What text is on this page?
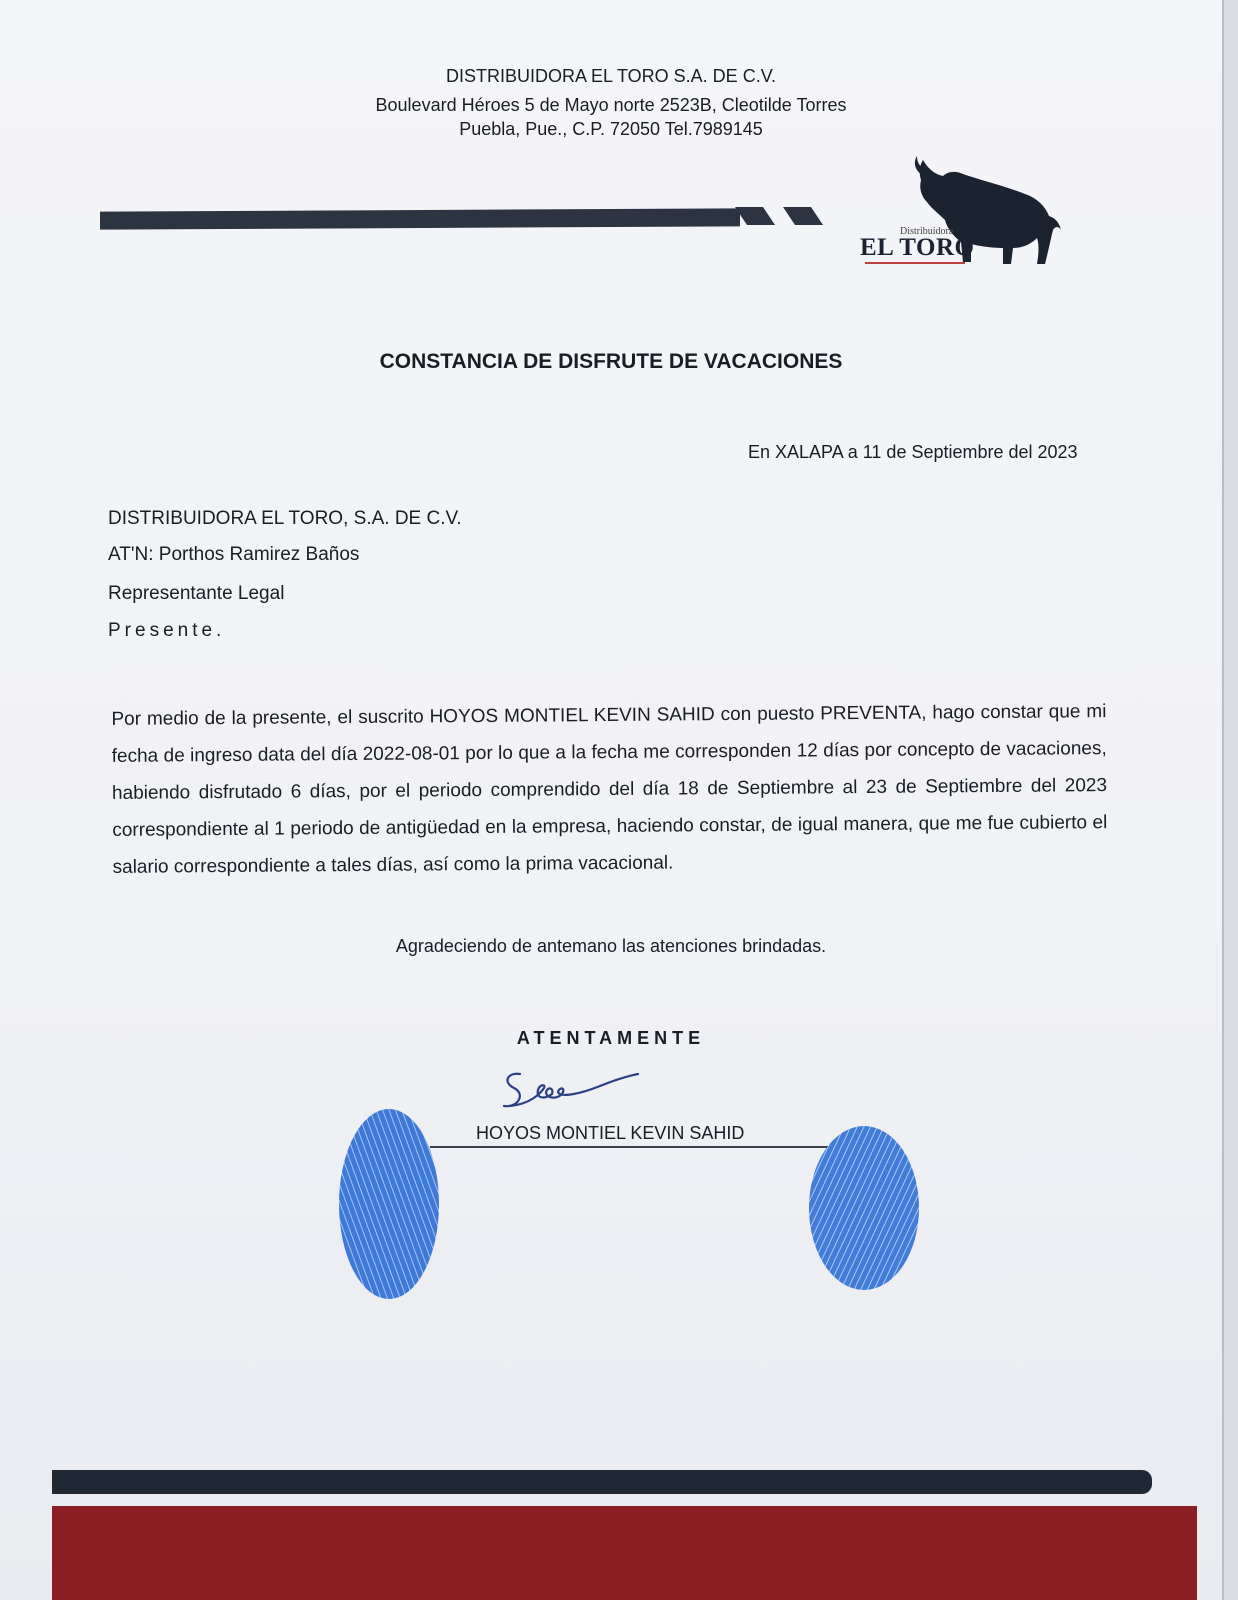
DISTRIBUIDORA EL TORO S.A. DE C.V.
Boulevard Héroes 5 de Mayo norte 2523B, Cleotilde Torres
Puebla, Pue., C.P. 72050 Tel.7989145
Distribuidora
EL TORO
CONSTANCIA DE DISFRUTE DE VACACIONES
En XALAPA a 11 de Septiembre del 2023
DISTRIBUIDORA EL TORO, S.A. DE C.V.
AT'N: Porthos Ramirez Baños
Representante Legal
Presente.
Por medio de la presente, el suscrito HOYOS MONTIEL KEVIN SAHID con puesto PREVENTA, hago constar que mi fecha de ingreso data del día 2022-08-01 por lo que a la fecha me corresponden 12 días por concepto de vacaciones, habiendo disfrutado 6 días, por el periodo comprendido del día 18 de Septiembre al 23 de Septiembre del 2023 correspondiente al 1 periodo de antigüedad en la empresa, haciendo constar, de igual manera, que me fue cubierto el salario correspondiente a tales días, así como la prima vacacional.
Agradeciendo de antemano las atenciones brindadas.
ATENTAMENTE
HOYOS MONTIEL KEVIN SAHID
